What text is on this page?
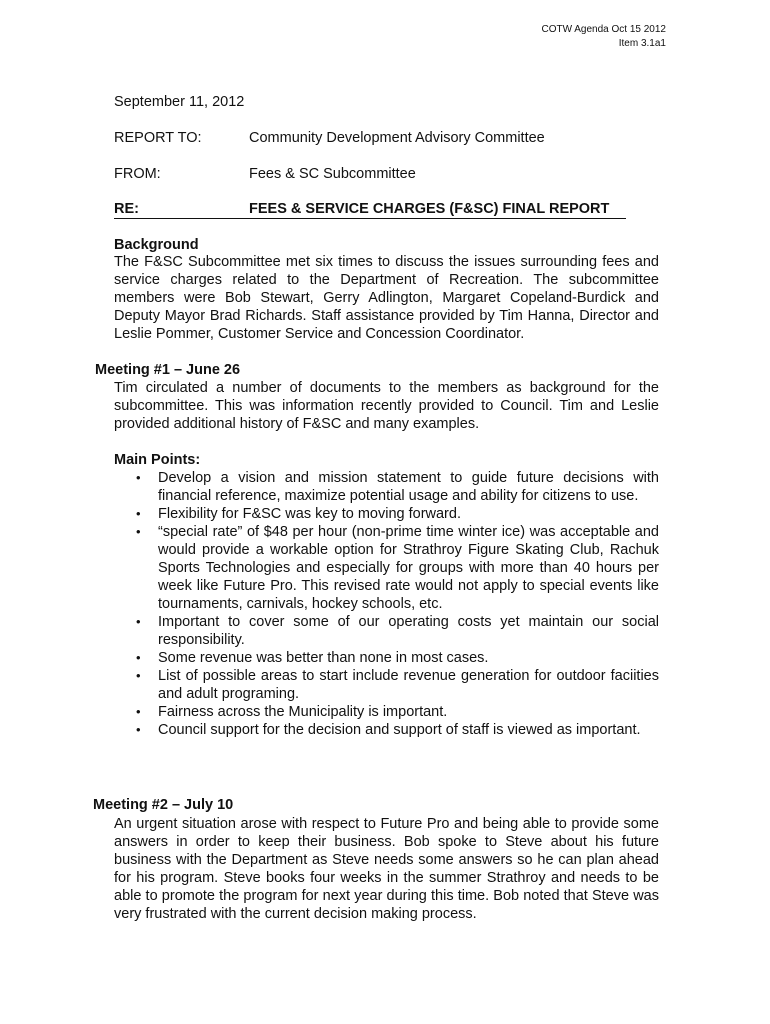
COTW Agenda Oct 15 2012
Item 3.1a1
September 11, 2012
REPORT TO:	Community Development Advisory Committee
FROM:	Fees & SC Subcommittee
RE:	FEES & SERVICE CHARGES (F&SC) FINAL REPORT
Background

The F&SC Subcommittee met six times to discuss the issues surrounding fees and service charges related to the Department of Recreation. The subcommittee members were Bob Stewart, Gerry Adlington, Margaret Copeland-Burdick and Deputy Mayor Brad Richards. Staff assistance provided by Tim Hanna, Director and Leslie Pommer, Customer Service and Concession Coordinator.

Meeting #1 – June 26

Tim circulated a number of documents to the members as background for the subcommittee. This was information recently provided to Council. Tim and Leslie provided additional history of F&SC and many examples.

Main Points:
• Develop a vision and mission statement to guide future decisions with financial reference, maximize potential usage and ability for citizens to use.
• Flexibility for F&SC was key to moving forward.
• “special rate” of $48 per hour (non-prime time winter ice) was acceptable and would provide a workable option for Strathroy Figure Skating Club, Rachuk Sports Technologies and especially for groups with more than 40 hours per week like Future Pro. This revised rate would not apply to special events like tournaments, carnivals, hockey schools, etc.
• Important to cover some of our operating costs yet maintain our social responsibility.
• Some revenue was better than none in most cases.
• List of possible areas to start include revenue generation for outdoor faciities and adult programing.
• Fairness across the Municipality is important.
• Council support for the decision and support of staff is viewed as important.
Meeting #2 – July 10

An urgent situation arose with respect to Future Pro and being able to provide some answers in order to keep their business. Bob spoke to Steve about his future business with the Department as Steve needs some answers so he can plan ahead for his program. Steve books four weeks in the summer Strathroy and needs to be able to promote the program for next year during this time. Bob noted that Steve was very frustrated with the current decision making process.
